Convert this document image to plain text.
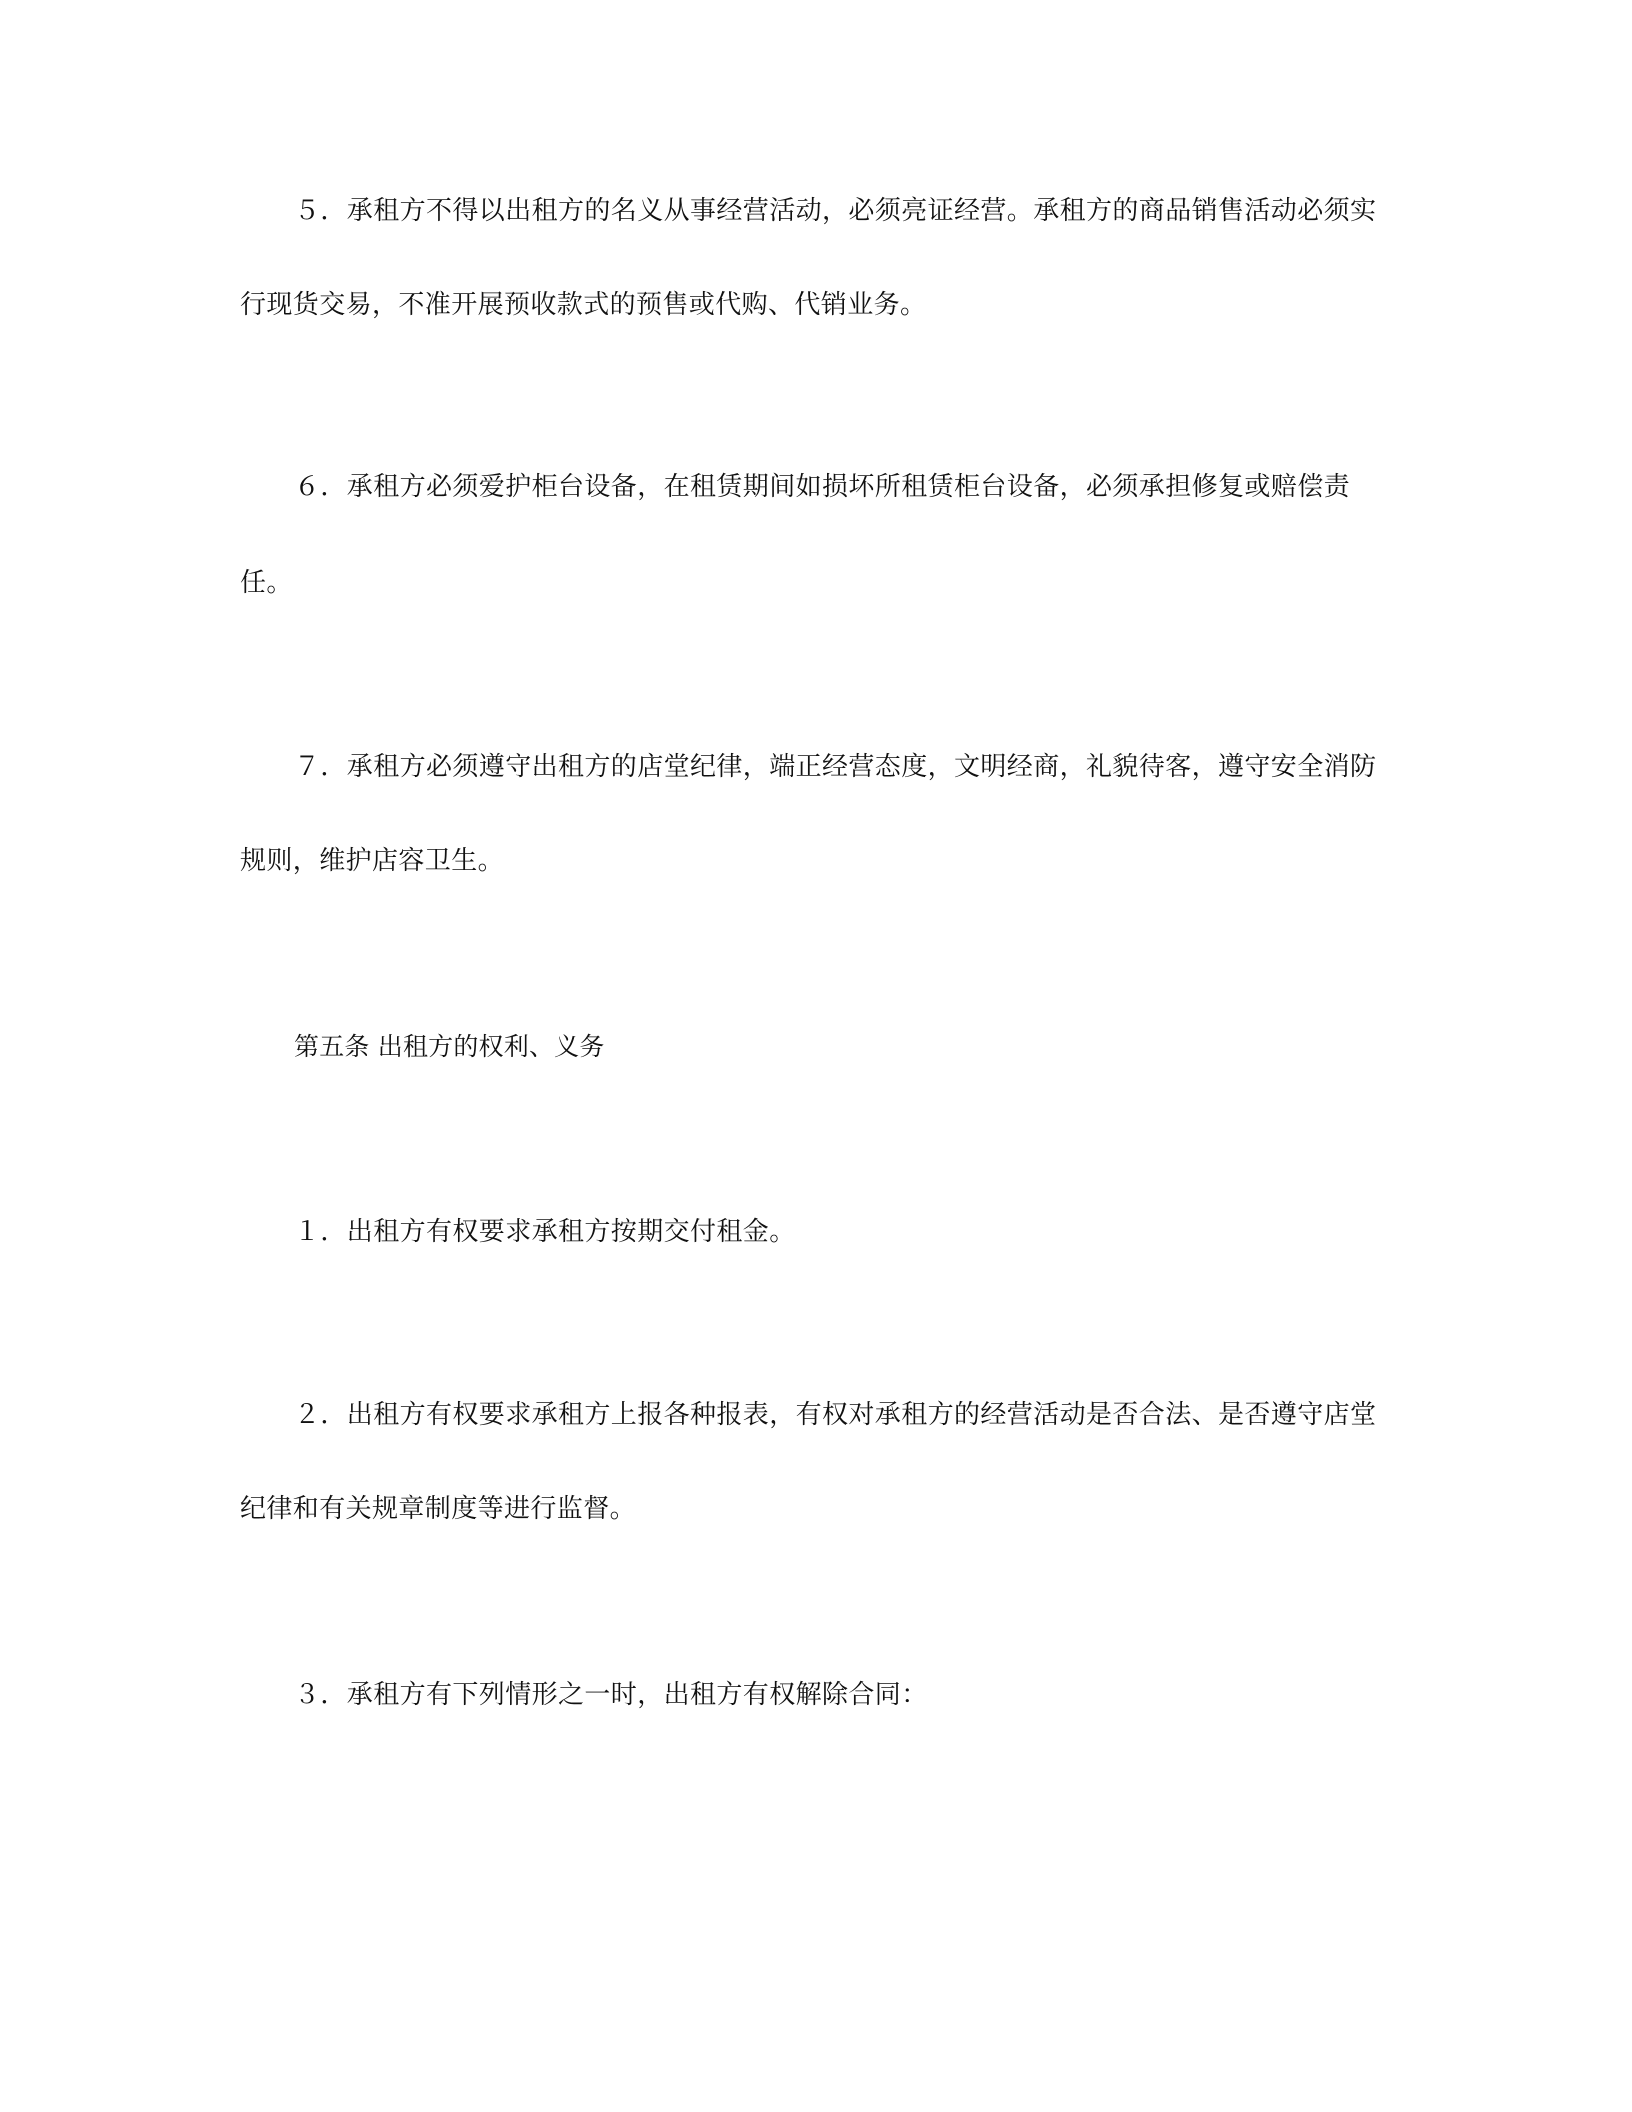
５．承租方不得以出租方的名义从事经营活动，必须亮证经营。承租方的商品销售活动必须实
行现货交易，不准开展预收款式的预售或代购、代销业务。
６．承租方必须爱护柜台设备，在租赁期间如损坏所租赁柜台设备，必须承担修复或赔偿责
任。
７．承租方必须遵守出租方的店堂纪律，端正经营态度，文明经商，礼貌待客，遵守安全消防
规则，维护店容卫生。
第五条 出租方的权利、义务
１．出租方有权要求承租方按期交付租金。
２．出租方有权要求承租方上报各种报表，有权对承租方的经营活动是否合法、是否遵守店堂
纪律和有关规章制度等进行监督。
３．承租方有下列情形之一时，出租方有权解除合同：
